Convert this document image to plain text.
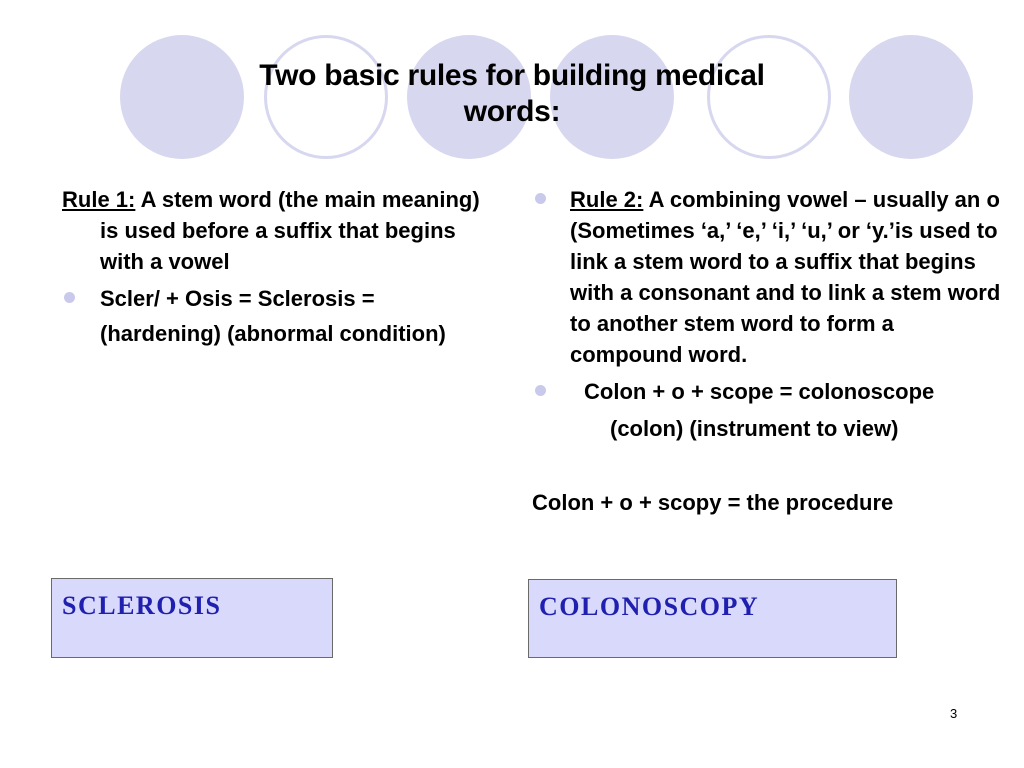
Two basic rules for building medical
words:
Rule 1: A stem word (the main meaning) is used before a suffix that begins with a vowel
Scler/ + Osis = Sclerosis =
(hardening) (abnormal condition)
Rule 2: A combining vowel – usually an o (Sometimes ‘a,’ ‘e,’ ‘i,’ ‘u,’ or ‘y.’is used to link a stem word to a suffix that begins with a consonant and to link a stem word to another stem word to form a compound word.
Colon + o + scope = colonoscope
(colon) (instrument to view)
Colon + o + scopy = the procedure
SCLEROSIS	COLONOSCOPY
3
